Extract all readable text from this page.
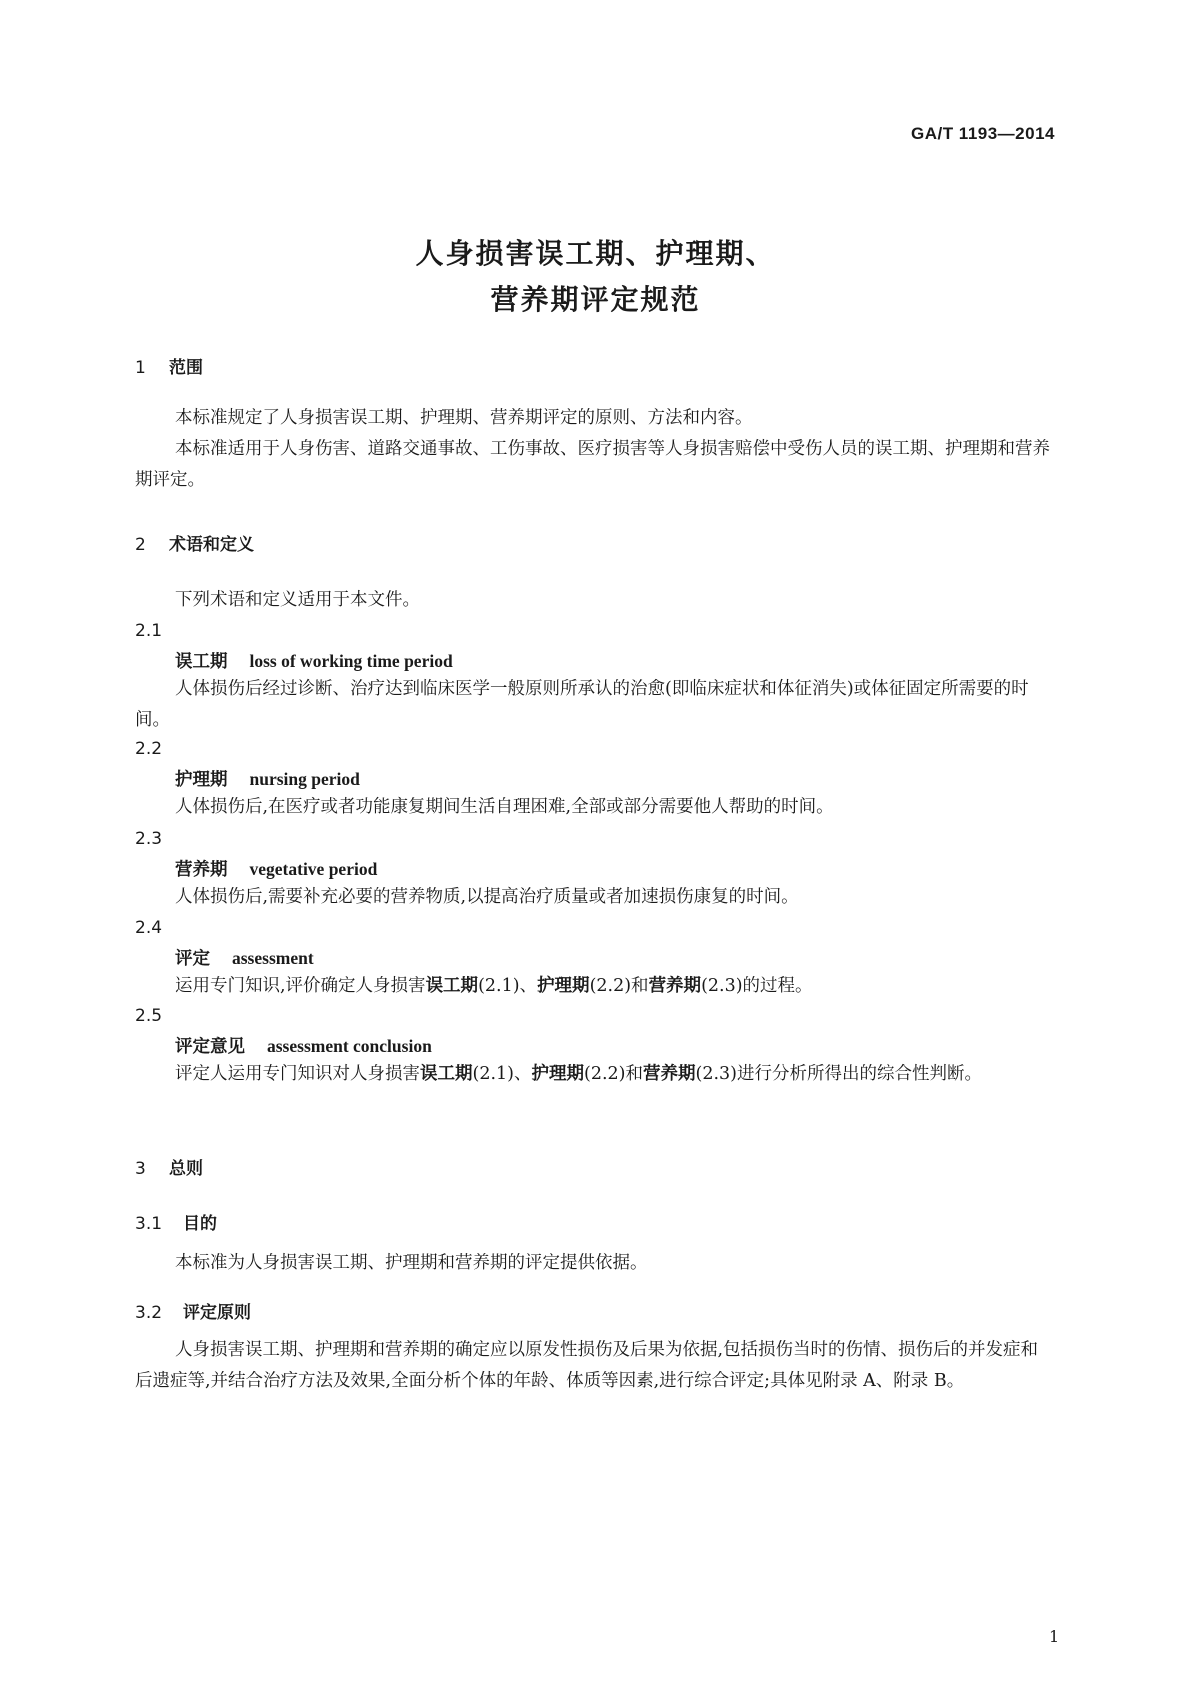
GA/T 1193—2014
人身损害误工期、护理期、
营养期评定规范
1 范围
本标准规定了人身损害误工期、护理期、营养期评定的原则、方法和内容。
本标准适用于人身伤害、道路交通事故、工伤事故、医疗损害等人身损害赔偿中受伤人员的误工期、护理期和营养期评定。
2 术语和定义
下列术语和定义适用于本文件。
2.1
误工期 loss of working time period
人体损伤后经过诊断、治疗达到临床医学一般原则所承认的治愈(即临床症状和体征消失)或体征固定所需要的时间。
2.2
护理期 nursing period
人体损伤后,在医疗或者功能康复期间生活自理困难,全部或部分需要他人帮助的时间。
2.3
营养期 vegetative period
人体损伤后,需要补充必要的营养物质,以提高治疗质量或者加速损伤康复的时间。
2.4
评定 assessment
运用专门知识,评价确定人身损害误工期(2.1)、护理期(2.2)和营养期(2.3)的过程。
2.5
评定意见 assessment conclusion
评定人运用专门知识对人身损害误工期(2.1)、护理期(2.2)和营养期(2.3)进行分析所得出的综合性判断。
3 总则
3.1 目的
本标准为人身损害误工期、护理期和营养期的评定提供依据。
3.2 评定原则
人身损害误工期、护理期和营养期的确定应以原发性损伤及后果为依据,包括损伤当时的伤情、损伤后的并发症和后遗症等,并结合治疗方法及效果,全面分析个体的年龄、体质等因素,进行综合评定;具体见附录 A、附录 B。
1
